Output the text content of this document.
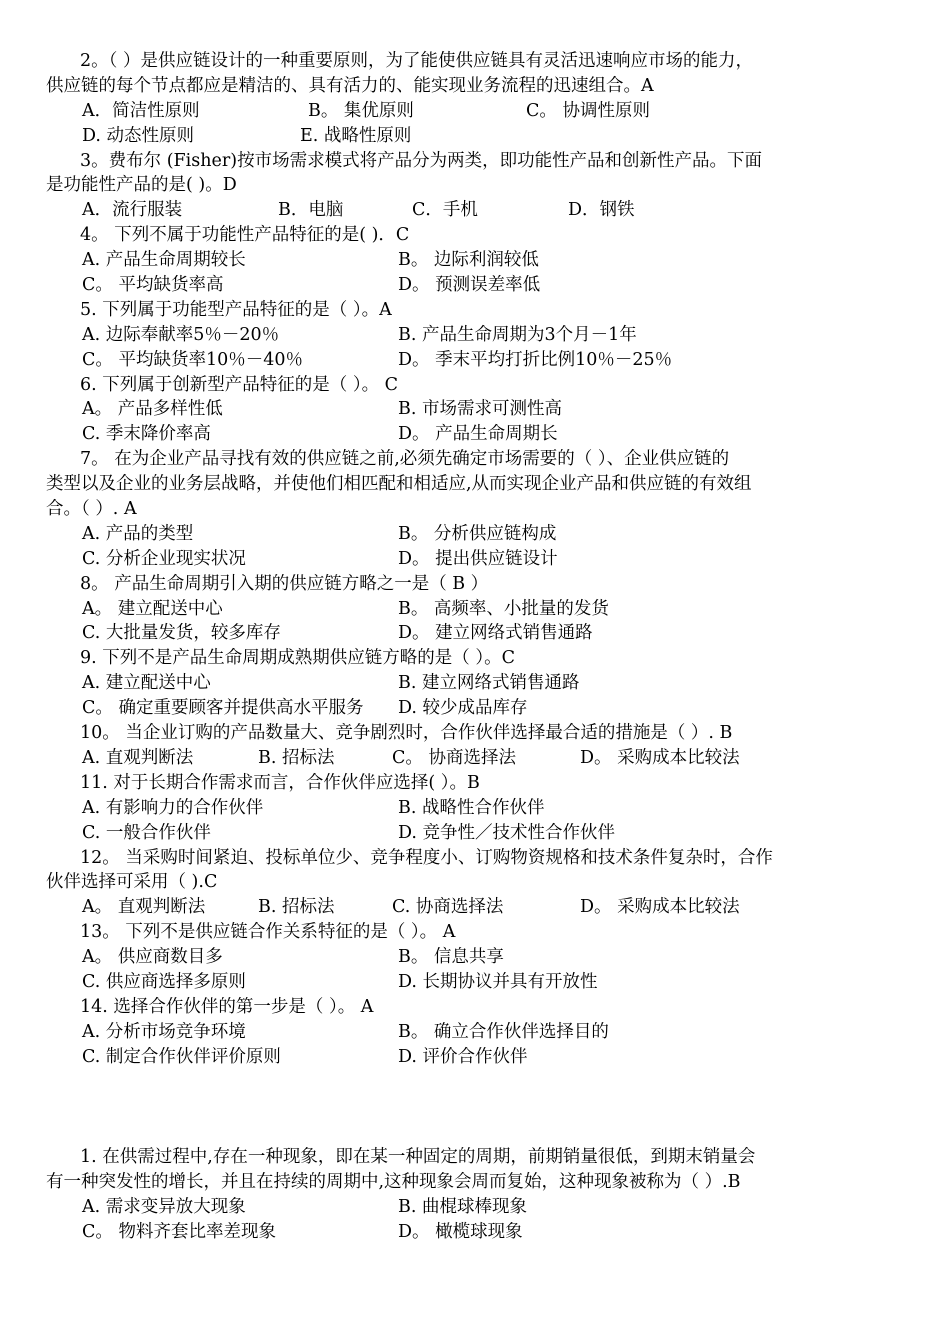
2。（ ）是供应链设计的一种重要原则，为了能使供应链具有灵活迅速响应市场的能力，
供应链的每个节点都应是精洁的、具有活力的、能实现业务流程的迅速组合。A
A．简洁性原则	B。 集优原则	C。 协调性原则
D. 动态性原则	E. 战略性原则
3。费布尔 (Fisher)按市场需求模式将产品分为两类，即功能性产品和创新性产品。下面
是功能性产品的是( )。D
A．流行服装	B．电脑	C．手机	D．钢铁
4。 下列不属于功能性产品特征的是( )．C
A. 产品生命周期较长	B。 边际利润较低
C。 平均缺货率高	D。 预测误差率低
5. 下列属于功能型产品特征的是（ ）。A
A. 边际奉献率5％－20％	B. 产品生命周期为3个月－1年
C。 平均缺货率10％－40％	D。 季末平均打折比例10％－25％
6. 下列属于创新型产品特征的是（ ）。 C
A。 产品多样性低	B. 市场需求可测性高
C. 季末降价率高	D。 产品生命周期长
7。 在为企业产品寻找有效的供应链之前,必须先确定市场需要的（ ）、企业供应链的
类型以及企业的业务层战略，并使他们相匹配和相适应,从而实现企业产品和供应链的有效组
合。（ ）. A
A. 产品的类型	B。 分析供应链构成
C. 分析企业现实状况	D。 提出供应链设计
8。 产品生命周期引入期的供应链方略之一是（ B ）
A。 建立配送中心	B。 高频率、小批量的发货
C. 大批量发货，较多库存	D。 建立网络式销售通路
9. 下列不是产品生命周期成熟期供应链方略的是（ ）。C
A. 建立配送中心	B. 建立网络式销售通路
C。 确定重要顾客并提供高水平服务 D. 较少成品库存
10。 当企业订购的产品数量大、竞争剧烈时，合作伙伴选择最合适的措施是（ ）. B
A. 直观判断法	B. 招标法	C。 协商选择法	D。 采购成本比较法
11. 对于长期合作需求而言，合作伙伴应选择( ）。B
A. 有影响力的合作伙伴	B. 战略性合作伙伴
C. 一般合作伙伴	D. 竞争性／技术性合作伙伴
12。 当采购时间紧迫、投标单位少、竞争程度小、订购物资规格和技术条件复杂时，合作
伙伴选择可采用（ ).C
A。 直观判断法	B. 招标法	C. 协商选择法	D。 采购成本比较法
13。 下列不是供应链合作关系特征的是（ ）。 A
A。 供应商数目多	B。 信息共享
C. 供应商选择多原则	D. 长期协议并具有开放性
14. 选择合作伙伴的第一步是（ ）。 A
A. 分析市场竞争环境	B。 确立合作伙伴选择目的
C. 制定合作伙伴评价原则	D. 评价合作伙伴
1. 在供需过程中,存在一种现象，即在某一种固定的周期，前期销量很低，到期末销量会
有一种突发性的增长，并且在持续的周期中,这种现象会周而复始，这种现象被称为（ ）.B
A. 需求变异放大现象	B. 曲棍球棒现象
C。 物料齐套比率差现象	D。 橄榄球现象
